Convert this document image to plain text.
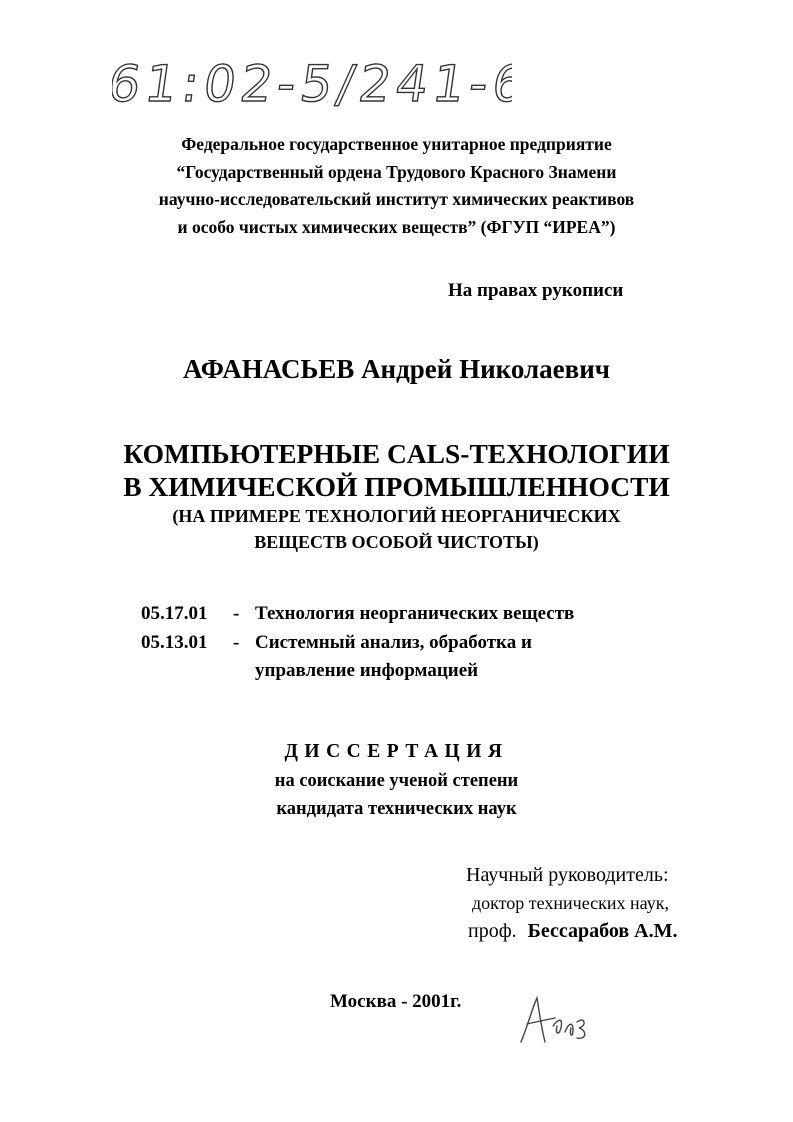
61:02-5/241-6
Федеральное государственное унитарное предприятие
“Государственный ордена Трудового Красного Знамени
научно-исследовательский институт химических реактивов
и особо чистых химических веществ” (ФГУП “ИРЕА”)
На правах рукописи
АФАНАСЬЕВ Андрей Николаевич
КОМПЬЮТЕРНЫЕ CALS-ТЕХНОЛОГИИ
В ХИМИЧЕСКОЙ ПРОМЫШЛЕННОСТИ
(НА ПРИМЕРЕ ТЕХНОЛОГИЙ НЕОРГАНИЧЕСКИХ
ВЕЩЕСТВ ОСОБОЙ ЧИСТОТЫ)
05.17.01 - Технология неорганических веществ
05.13.01 - Системный анализ, обработка и
управление информацией
ДИССЕРТАЦИЯ
на соискание ученой степени
кандидата технических наук
Научный руководитель:
доктор технических наук,
проф. Бессарабов А.М.
Москва - 2001г.
